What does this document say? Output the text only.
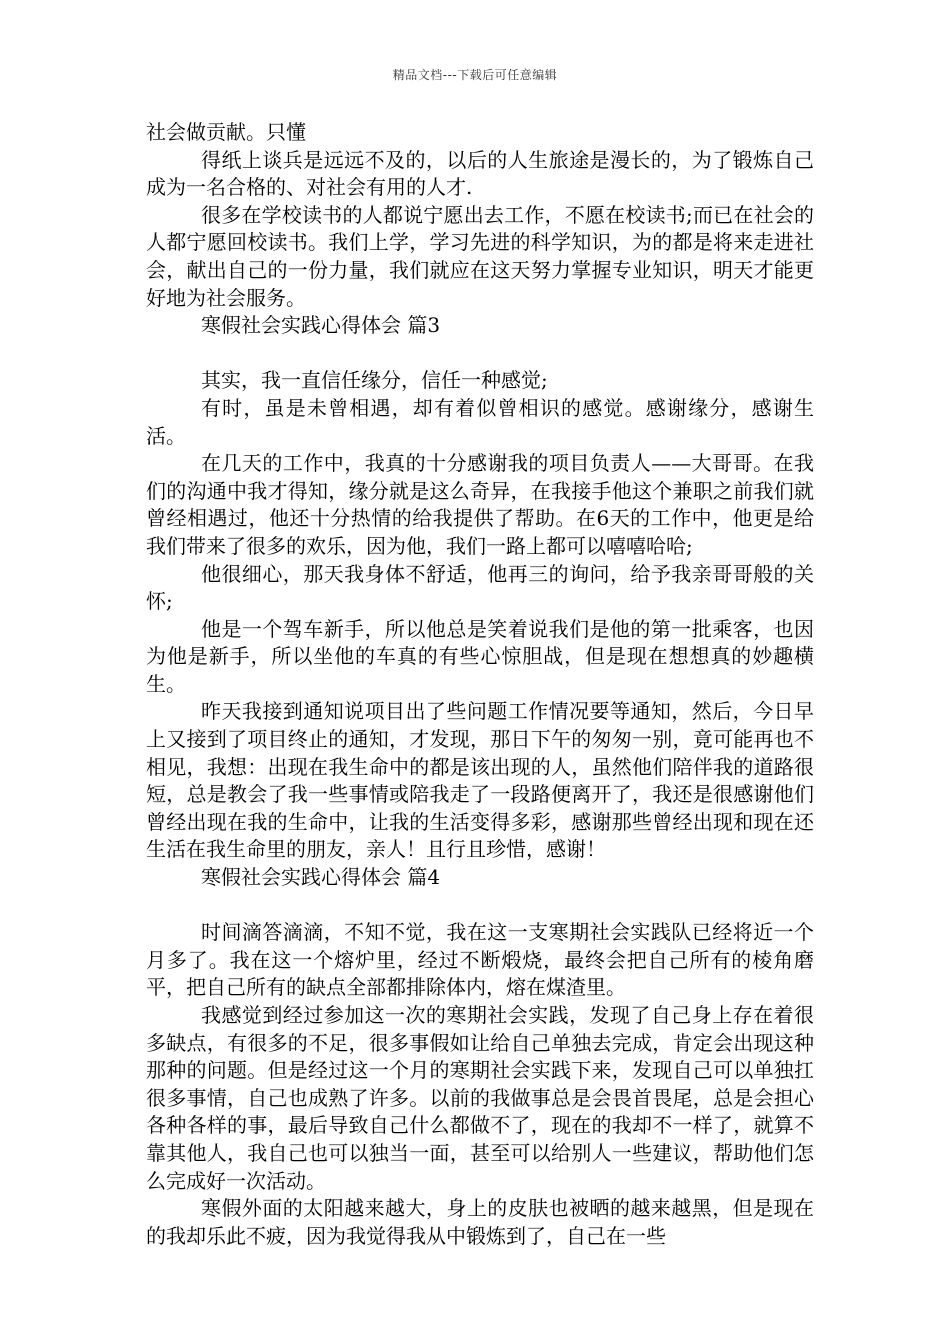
精品文档---下载后可任意编辑

社会做贡献。只懂

得纸上谈兵是远远不及的，以后的人生旅途是漫长的，为了锻炼自己成为一名合格的、对社会有用的人才.

很多在学校读书的人都说宁愿出去工作，不愿在校读书;而已在社会的人都宁愿回校读书。我们上学，学习先进的科学知识，为的都是将来走进社会，献出自己的一份力量，我们就应在这天努力掌握专业知识，明天才能更好地为社会服务。

寒假社会实践心得体会 篇3

其实，我一直信任缘分，信任一种感觉;

有时，虽是未曾相遇，却有着似曾相识的感觉。感谢缘分，感谢生活。

在几天的工作中，我真的十分感谢我的项目负责人——大哥哥。在我们的沟通中我才得知，缘分就是这么奇异，在我接手他这个兼职之前我们就曾经相遇过，他还十分热情的给我提供了帮助。在6天的工作中，他更是给我们带来了很多的欢乐，因为他，我们一路上都可以嘻嘻哈哈;

他很细心，那天我身体不舒适，他再三的询问，给予我亲哥哥般的关怀;

他是一个驾车新手，所以他总是笑着说我们是他的第一批乘客，也因为他是新手，所以坐他的车真的有些心惊胆战，但是现在想想真的妙趣横生。

昨天我接到通知说项目出了些问题工作情况要等通知，然后，今日早上又接到了项目终止的通知，才发现，那日下午的匆匆一别，竟可能再也不相见，我想：出现在我生命中的都是该出现的人，虽然他们陪伴我的道路很短，总是教会了我一些事情或陪我走了一段路便离开了，我还是很感谢他们曾经出现在我的生命中，让我的生活变得多彩，感谢那些曾经出现和现在还生活在我生命里的朋友，亲人！且行且珍惜，感谢！

寒假社会实践心得体会 篇4

时间滴答滴滴，不知不觉，我在这一支寒期社会实践队已经将近一个月多了。我在这一个熔炉里，经过不断煅烧，最终会把自己所有的棱角磨平，把自己所有的缺点全部都排除体内，熔在煤渣里。

我感觉到经过参加这一次的寒期社会实践，发现了自己身上存在着很多缺点，有很多的不足，很多事假如让给自己单独去完成，肯定会出现这种那种的问题。但是经过这一个月的寒期社会实践下来，发现自己可以单独扛很多事情，自己也成熟了许多。以前的我做事总是会畏首畏尾，总是会担心各种各样的事，最后导致自己什么都做不了，现在的我却不一样了，就算不靠其他人，我自己也可以独当一面，甚至可以给别人一些建议，帮助他们怎么完成好一次活动。

寒假外面的太阳越来越大，身上的皮肤也被晒的越来越黑，但是现在的我却乐此不疲，因为我觉得我从中锻炼到了，自己在一些
